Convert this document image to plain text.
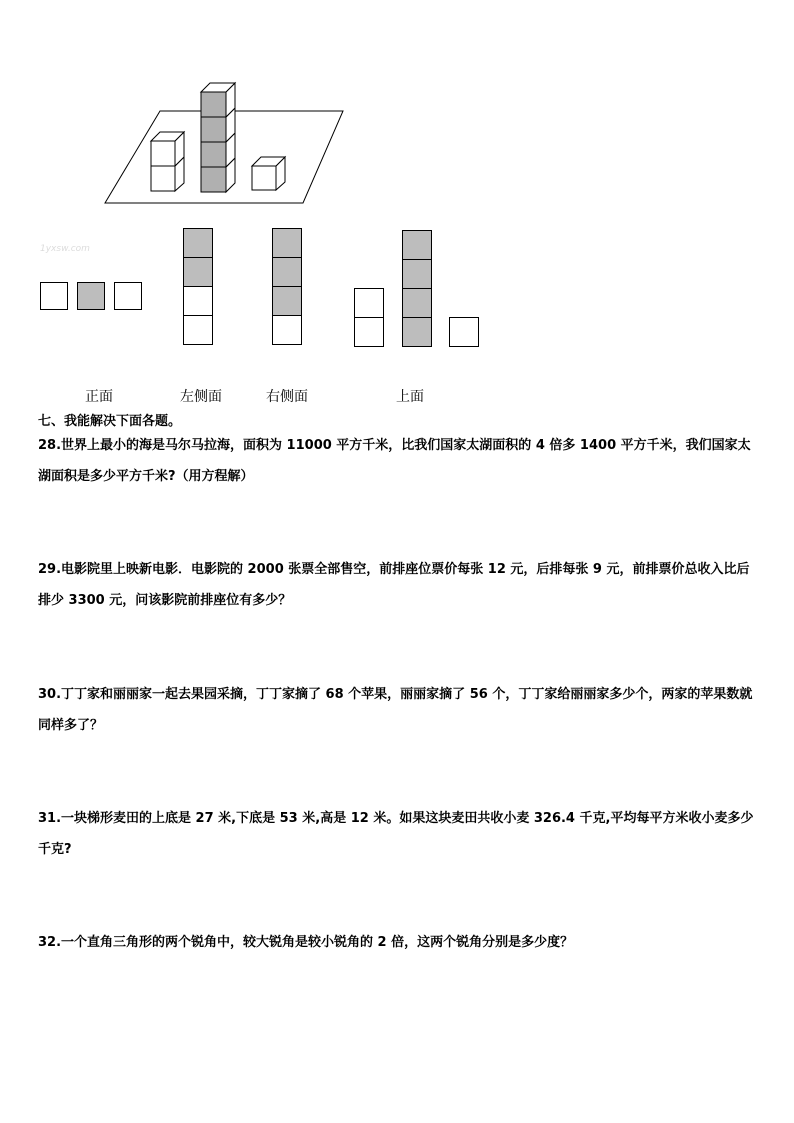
1yxsw.com
正面	左侧面	右侧面	上面
七、我能解决下面各题。
28.世界上最小的海是马尔马拉海，面积为 11000 平方千米，比我们国家太湖面积的 4 倍多 1400 平方千米，我们国家太湖面积是多少平方千米?（用方程解）
29.电影院里上映新电影．电影院的 2000 张票全部售空，前排座位票价每张 12 元，后排每张 9 元，前排票价总收入比后排少 3300 元，问该影院前排座位有多少？
30.丁丁家和丽丽家一起去果园采摘，丁丁家摘了 68 个苹果，丽丽家摘了 56 个，丁丁家给丽丽家多少个，两家的苹果数就同样多了？
31.一块梯形麦田的上底是 27 米,下底是 53 米,高是 12 米。如果这块麦田共收小麦 326.4 千克,平均每平方米收小麦多少千克?
32.一个直角三角形的两个锐角中，较大锐角是较小锐角的 2 倍，这两个锐角分别是多少度？
